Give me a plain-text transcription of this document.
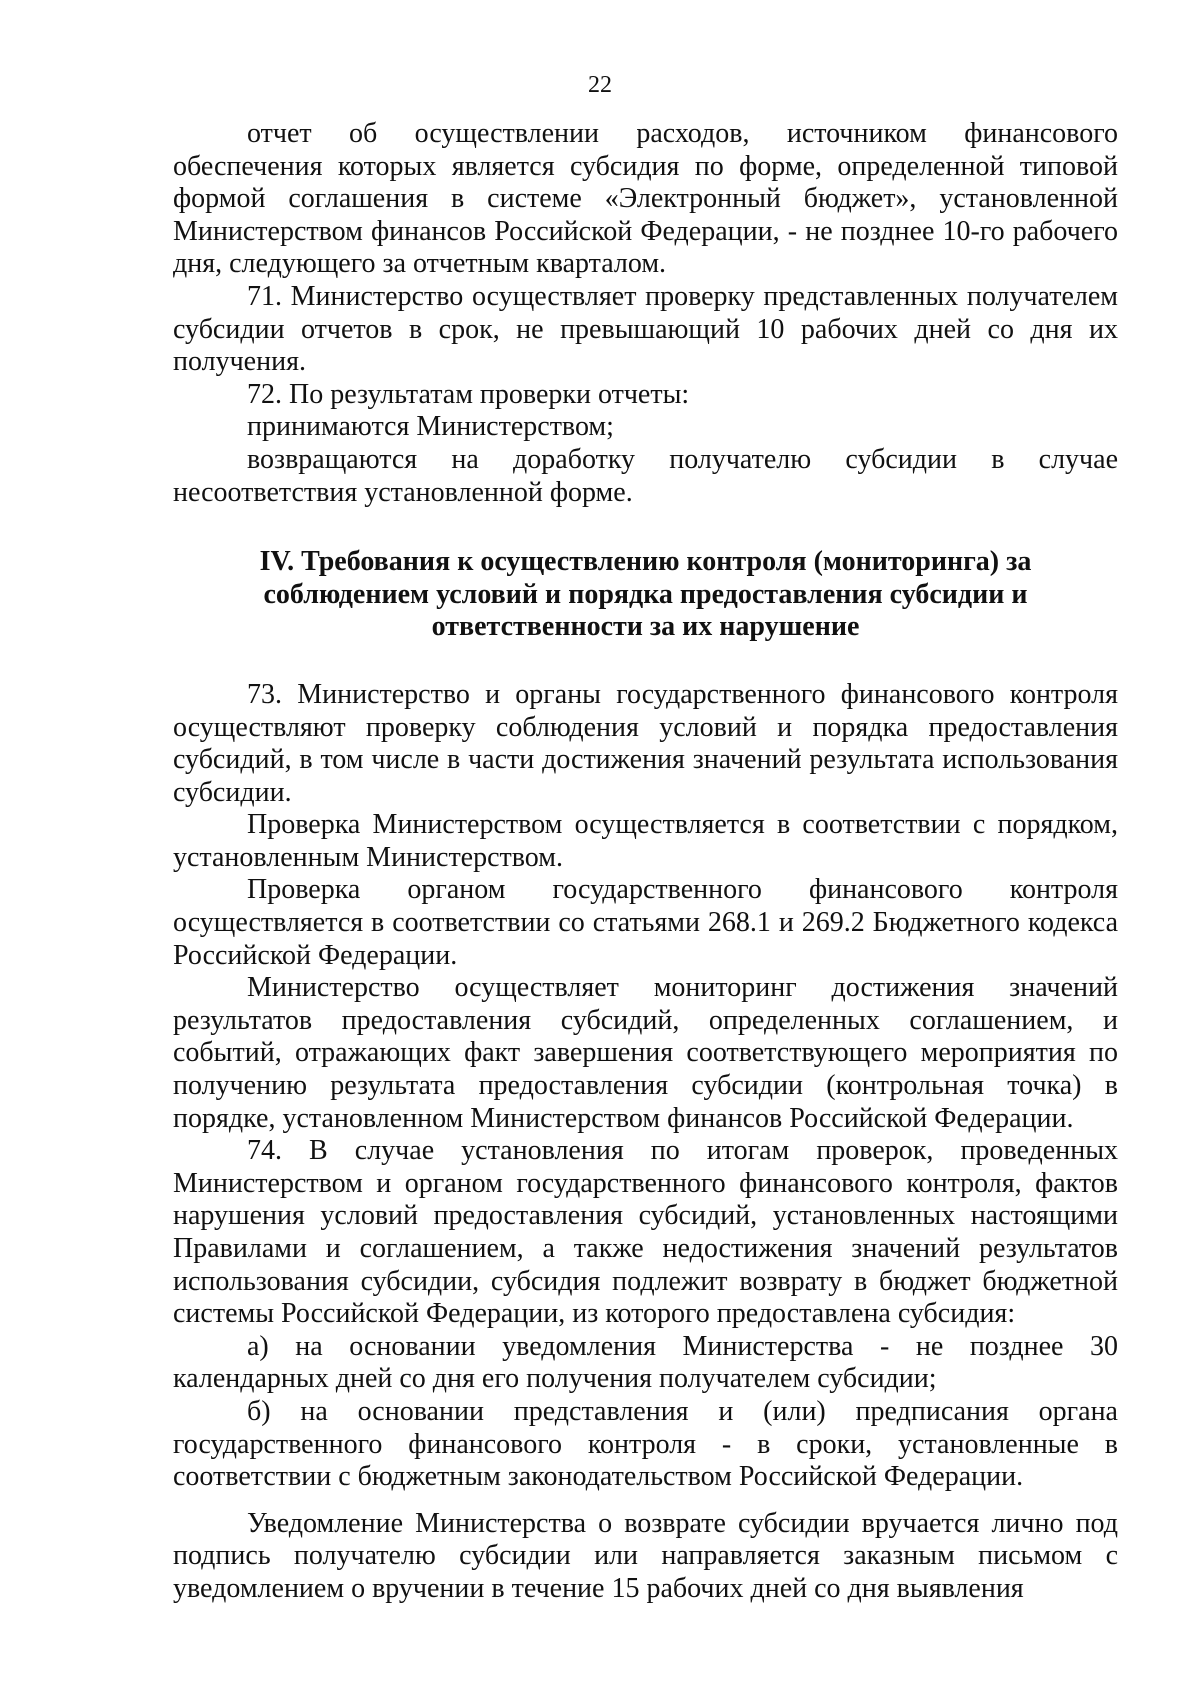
22

отчет об осуществлении расходов, источником финансового обеспечения которых является субсидия по форме, определенной типовой формой соглашения в системе «Электронный бюджет», установленной Министерством финансов Российской Федерации, - не позднее 10-го рабочего дня, следующего за отчетным кварталом.

71. Министерство осуществляет проверку представленных получателем субсидии отчетов в срок, не превышающий 10 рабочих дней со дня их получения.

72. По результатам проверки отчеты:

принимаются Министерством;

возвращаются на доработку получателю субсидии в случае несоответствия установленной форме.

IV. Требования к осуществлению контроля (мониторинга) за
соблюдением условий и порядка предоставления субсидии и
ответственности за их нарушение

73. Министерство и органы государственного финансового контроля осуществляют проверку соблюдения условий и порядка предоставления субсидий, в том числе в части достижения значений результата использования субсидии.

Проверка Министерством осуществляется в соответствии с порядком, установленным Министерством.

Проверка органом государственного финансового контроля осуществляется в соответствии со статьями 268.1 и 269.2 Бюджетного кодекса Российской Федерации.

Министерство осуществляет мониторинг достижения значений результатов предоставления субсидий, определенных соглашением, и событий, отражающих факт завершения соответствующего мероприятия по получению результата предоставления субсидии (контрольная точка) в порядке, установленном Министерством финансов Российской Федерации.

74. В случае установления по итогам проверок, проведенных Министерством и органом государственного финансового контроля, фактов нарушения условий предоставления субсидий, установленных настоящими Правилами и соглашением, а также недостижения значений результатов использования субсидии, субсидия подлежит возврату в бюджет бюджетной системы Российской Федерации, из которого предоставлена субсидия:

а) на основании уведомления Министерства - не позднее 30 календарных дней со дня его получения получателем субсидии;

б) на основании представления и (или) предписания органа государственного финансового контроля - в сроки, установленные в соответствии с бюджетным законодательством Российской Федерации.

Уведомление Министерства о возврате субсидии вручается лично под подпись получателю субсидии или направляется заказным письмом с уведомлением о вручении в течение 15 рабочих дней со дня выявления
